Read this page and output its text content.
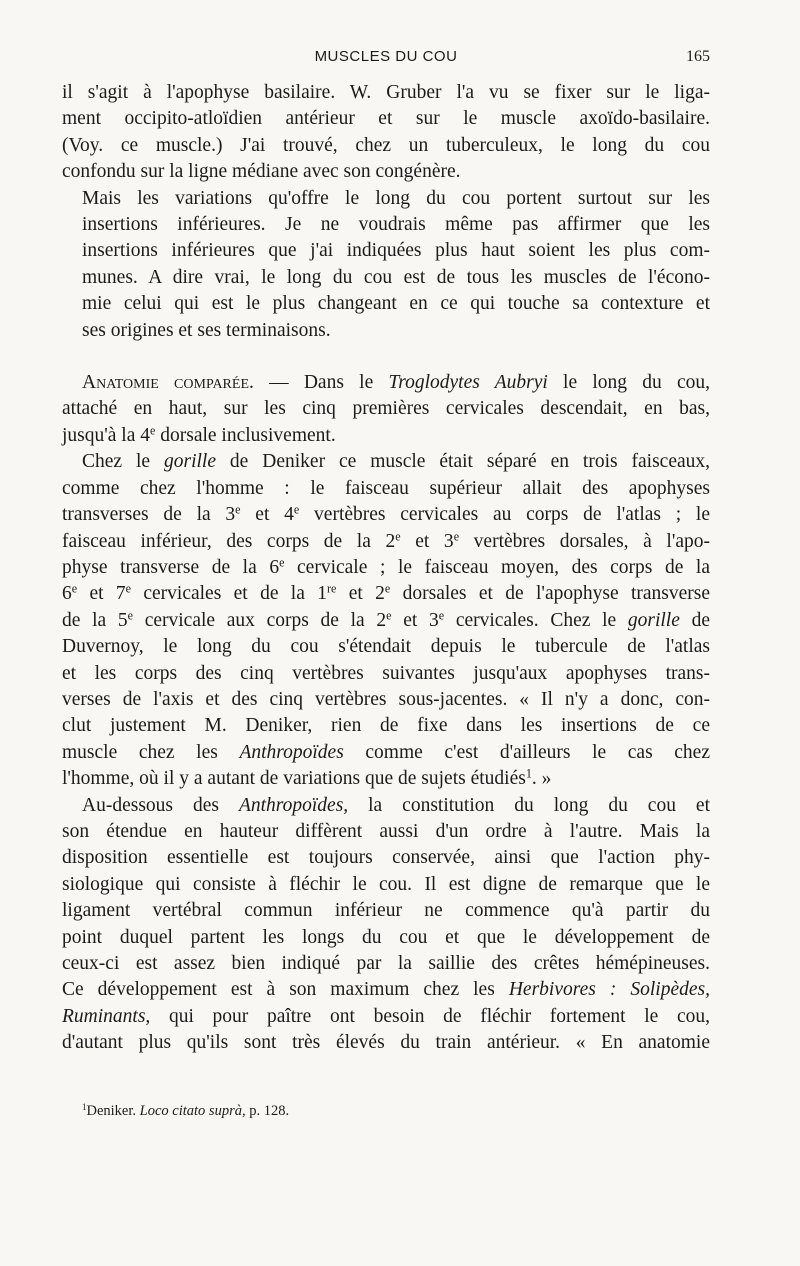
MUSCLES DU COU	165

il s'agit à l'apophyse basilaire. W. Gruber l'a vu se fixer sur le liga-
ment occipito-atloïdien antérieur et sur le muscle axoïdo-basilaire.
(Voy. ce muscle.) J'ai trouvé, chez un tuberculeux, le long du cou
confondu sur la ligne médiane avec son congénère.

Mais les variations qu'offre le long du cou portent surtout sur les
insertions inférieures. Je ne voudrais même pas affirmer que les
insertions inférieures que j'ai indiquées plus haut soient les plus com-
munes. A dire vrai, le long du cou est de tous les muscles de l'écono-
mie celui qui est le plus changeant en ce qui touche sa contexture et
ses origines et ses terminaisons.

Anatomie comparée. — Dans le Troglodytes Aubryi le long du cou,
attaché en haut, sur les cinq premières cervicales descendait, en bas,
jusqu'à la 4e dorsale inclusivement.

Chez le gorille de Deniker ce muscle était séparé en trois faisceaux,
comme chez l'homme : le faisceau supérieur allait des apophyses
transverses de la 3e et 4e vertèbres cervicales au corps de l'atlas ; le
faisceau inférieur, des corps de la 2e et 3e vertèbres dorsales, à l'apo-
physe transverse de la 6e cervicale ; le faisceau moyen, des corps de la
6e et 7e cervicales et de la 1re et 2e dorsales et de l'apophyse transverse
de la 5e cervicale aux corps de la 2e et 3e cervicales. Chez le gorille de
Duvernoy, le long du cou s'étendait depuis le tubercule de l'atlas
et les corps des cinq vertèbres suivantes jusqu'aux apophyses trans-
verses de l'axis et des cinq vertèbres sous-jacentes. « Il n'y a donc, con-
clut justement M. Deniker, rien de fixe dans les insertions de ce
muscle chez les Anthropoïdes comme c'est d'ailleurs le cas chez
l'homme, où il y a autant de variations que de sujets étudiés$^1$. »

Au-dessous des Anthropoïdes, la constitution du long du cou et
son étendue en hauteur diffèrent aussi d'un ordre à l'autre. Mais la
disposition essentielle est toujours conservée, ainsi que l'action phy-
siologique qui consiste à fléchir le cou. Il est digne de remarque que le
ligament vertébral commun inférieur ne commence qu'à partir du
point duquel partent les longs du cou et que le développement de
ceux-ci est assez bien indiqué par la saillie des crêtes hémépineuses.
Ce développement est à son maximum chez les Herbivores : Solipèdes,
Ruminants, qui pour paître ont besoin de fléchir fortement le cou,
d'autant plus qu'ils sont très élevés du train antérieur. « En anatomie

$^1$Deniker. Loco citato suprà, p. 128.
